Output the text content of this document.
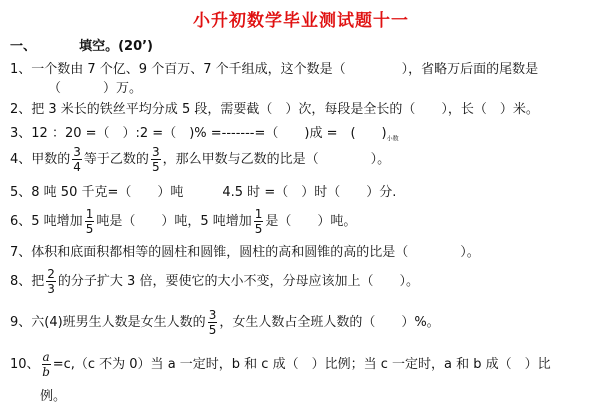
小升初数学毕业测试题十一
一、	填空。(20’)
1、一个数由 7 个亿、9 个百万、7 个千组成，这个数是（	），省略万后面的尾数是
（	）万。
2、把 3 米长的铁丝平均分成 5 段，需要截（　）次，每段是全长的（　　），长（　）米。
3、12 ：20 =（　）:2 =（　)% =-------=（　　)成 =　(　　)$_{小数}$
4、甲数的 $\frac{3}{4}$ 等于乙数的 $\frac{3}{5}$ ，那么甲数与乙数的比是（　　　　）。
5、8 吨 50 千克=（　　）吨　　　4.5 时 =（　）时（　　）分.
6、5 吨增加 $\frac{1}{5}$ 吨是（　　）吨，5 吨增加 $\frac{1}{5}$ 是（　　）吨。
7、体积和底面积都相等的圆柱和圆锥，圆柱的高和圆锥的高的比是（　　　　）。
8、把 $\frac{2}{3}$ 的分子扩大 3 倍，要使它的大小不变，分母应该加上（　　）。
9、六(4)班男生人数是女生人数的 $\frac{3}{5}$ ，女生人数占全班人数的（　　）%。
10、 $\frac{a}{b} =c,(c$ 不为 0）当 a 一定时，b 和 c 成（　）比例；当 c 一定时，a 和 b 成（　）比
例。
